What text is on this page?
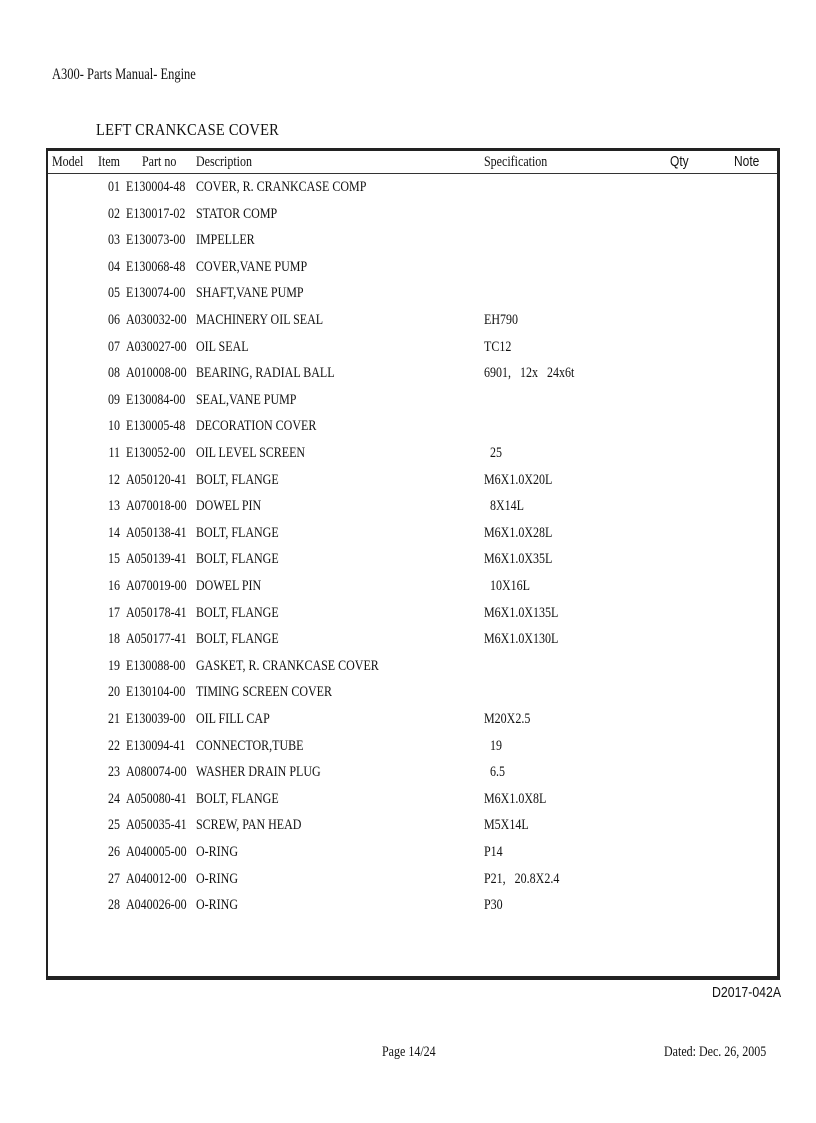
A300- Parts Manual- Engine
LEFT CRANKCASE COVER
Model Item Part no Description	Specification	Qty	Note
01 E130004-48 COVER, R. CRANKCASE COMP
02 E130017-02 STATOR COMP
03 E130073-00 IMPELLER
04 E130068-48 COVER,VANE PUMP
05 E130074-00 SHAFT,VANE PUMP
06 A030032-00 MACHINERY OIL SEAL	EH790
07 A030027-00 OIL SEAL	TC12
08 A010008-00 BEARING, RADIAL BALL	6901,   12x   24x6t
09 E130084-00 SEAL,VANE PUMP
10 E130005-48 DECORATION COVER
11 E130052-00 OIL LEVEL SCREEN	25
12 A050120-41 BOLT, FLANGE	M6X1.0X20L
13 A070018-00 DOWEL PIN	8X14L
14 A050138-41 BOLT, FLANGE	M6X1.0X28L
15 A050139-41 BOLT, FLANGE	M6X1.0X35L
16 A070019-00 DOWEL PIN	10X16L
17 A050178-41 BOLT, FLANGE	M6X1.0X135L
18 A050177-41 BOLT, FLANGE	M6X1.0X130L
19 E130088-00 GASKET, R. CRANKCASE COVER
20 E130104-00 TIMING SCREEN COVER
21 E130039-00 OIL FILL CAP	M20X2.5
22 E130094-41 CONNECTOR,TUBE	19
23 A080074-00 WASHER DRAIN PLUG	6.5
24 A050080-41 BOLT, FLANGE	M6X1.0X8L
25 A050035-41 SCREW, PAN HEAD	M5X14L
26 A040005-00 O-RING	P14
27 A040012-00 O-RING	P21,   20.8X2.4
28 A040026-00 O-RING	P30
D2017-042A
Page 14/24	Dated: Dec. 26, 2005
